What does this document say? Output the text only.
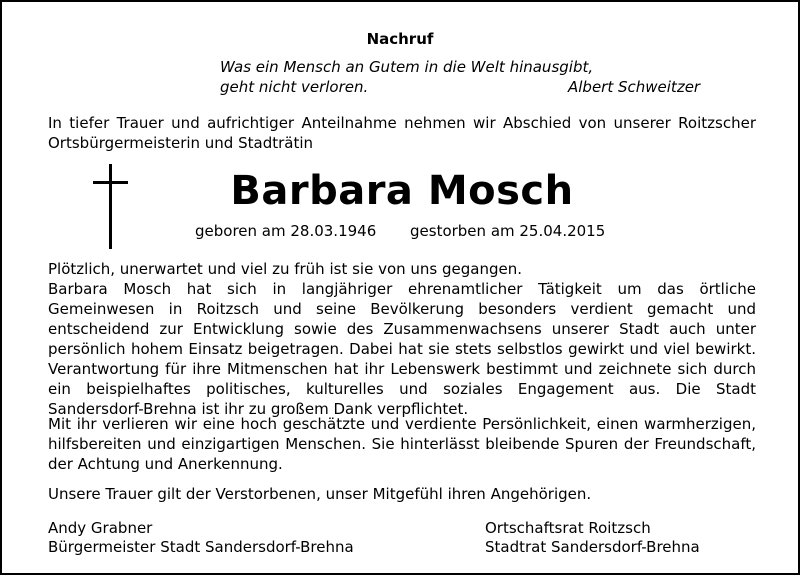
Nachruf
Was ein Mensch an Gutem in die Welt hinausgibt,
geht nicht verloren.	Albert Schweitzer
In tiefer Trauer und aufrichtiger Anteilnahme nehmen wir Abschied von unserer Roitzscher Ortsbürgermeisterin und Stadträtin
Barbara Mosch
geboren am 28.03.1946 gestorben am 25.04.2015
Plötzlich, unerwartet und viel zu früh ist sie von uns gegangen.
Barbara Mosch hat sich in langjähriger ehrenamtlicher Tätigkeit um das örtliche Gemeinwesen in Roitzsch und seine Bevölkerung besonders verdient gemacht und entscheidend zur Entwicklung sowie des Zusammenwachsens unserer Stadt auch unter persönlich hohem Einsatz beigetragen. Dabei hat sie stets selbstlos gewirkt und viel bewirkt. Verantwortung für ihre Mitmenschen hat ihr Lebenswerk bestimmt und zeichnete sich durch ein beispielhaftes politisches, kulturelles und soziales Engagement aus. Die Stadt Sandersdorf-Brehna ist ihr zu großem Dank verpflichtet.
Mit ihr verlieren wir eine hoch geschätzte und verdiente Persönlichkeit, einen warmherzigen, hilfsbereiten und einzigartigen Menschen. Sie hinterlässt bleibende Spuren der Freundschaft, der Achtung und Anerkennung.
Unsere Trauer gilt der Verstorbenen, unser Mitgefühl ihren Angehörigen.
Andy Grabner
Bürgermeister Stadt Sandersdorf-Brehna
Ortschaftsrat Roitzsch
Stadtrat Sandersdorf-Brehna
